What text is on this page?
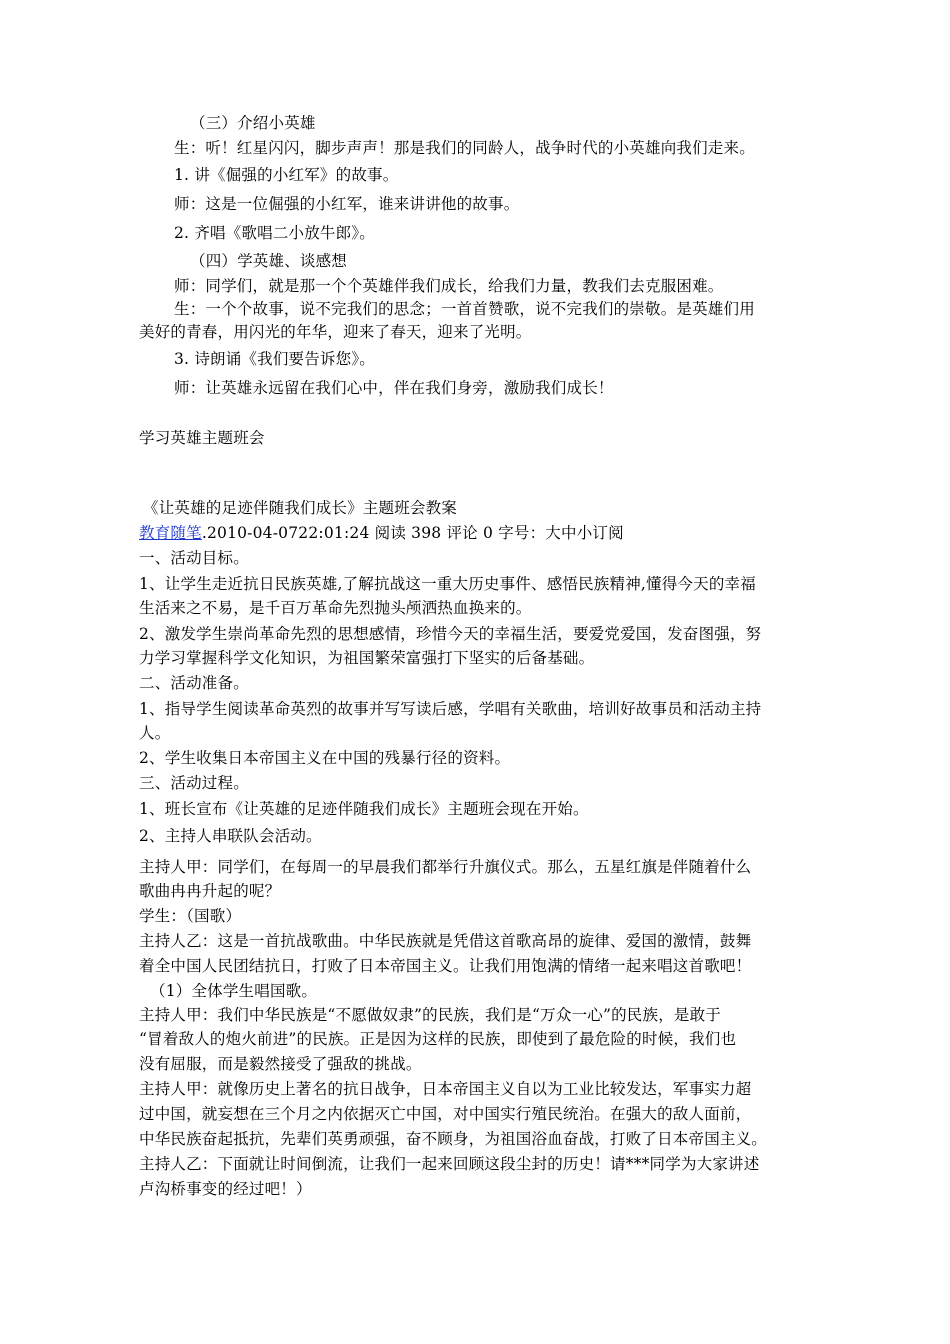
（三）介绍小英雄
生：听！红星闪闪，脚步声声！那是我们的同龄人，战争时代的小英雄向我们走来。
1. 讲《倔强的小红军》的故事。
师：这是一位倔强的小红军，谁来讲讲他的故事。
2. 齐唱《歌唱二小放牛郎》。
（四）学英雄、谈感想
师：同学们，就是那一个个英雄伴我们成长，给我们力量，教我们去克服困难。
生：一个个故事，说不完我们的思念；一首首赞歌，说不完我们的崇敬。是英雄们用
美好的青春，用闪光的年华，迎来了春天，迎来了光明。
3. 诗朗诵《我们要告诉您》。
师：让英雄永远留在我们心中，伴在我们身旁，激励我们成长！
学习英雄主题班会
《让英雄的足迹伴随我们成长》主题班会教案
教育随笔.2010-04-0722:01:24 阅读 398 评论 0 字号：大中小订阅
一、活动目标。
1、让学生走近抗日民族英雄,了解抗战这一重大历史事件、感悟民族精神,懂得今天的幸福
生活来之不易，是千百万革命先烈抛头颅洒热血换来的。
2、激发学生崇尚革命先烈的思想感情，珍惜今天的幸福生活，要爱党爱国，发奋图强，努
力学习掌握科学文化知识，为祖国繁荣富强打下坚实的后备基础。
二、活动准备。
1、指导学生阅读革命英烈的故事并写写读后感，学唱有关歌曲，培训好故事员和活动主持
人。
2、学生收集日本帝国主义在中国的残暴行径的资料。
三、活动过程。
1、班长宣布《让英雄的足迹伴随我们成长》主题班会现在开始。
2、主持人串联队会活动。
主持人甲：同学们，在每周一的早晨我们都举行升旗仪式。那么，五星红旗是伴随着什么
歌曲冉冉升起的呢？
学生：（国歌）
主持人乙：这是一首抗战歌曲。中华民族就是凭借这首歌高昂的旋律、爱国的激情，鼓舞
着全中国人民团结抗日，打败了日本帝国主义。让我们用饱满的情绪一起来唱这首歌吧！
（1）全体学生唱国歌。
主持人甲：我们中华民族是“不愿做奴隶”的民族，我们是“万众一心”的民族，是敢于
“冒着敌人的炮火前进”的民族。正是因为这样的民族，即使到了最危险的时候，我们也
没有屈服，而是毅然接受了强敌的挑战。
主持人甲：就像历史上著名的抗日战争，日本帝国主义自以为工业比较发达，军事实力超
过中国，就妄想在三个月之内依据灭亡中国，对中国实行殖民统治。在强大的敌人面前，
中华民族奋起抵抗，先辈们英勇顽强，奋不顾身，为祖国浴血奋战，打败了日本帝国主义。
主持人乙：下面就让时间倒流，让我们一起来回顾这段尘封的历史！请***同学为大家讲述
卢沟桥事变的经过吧！）
